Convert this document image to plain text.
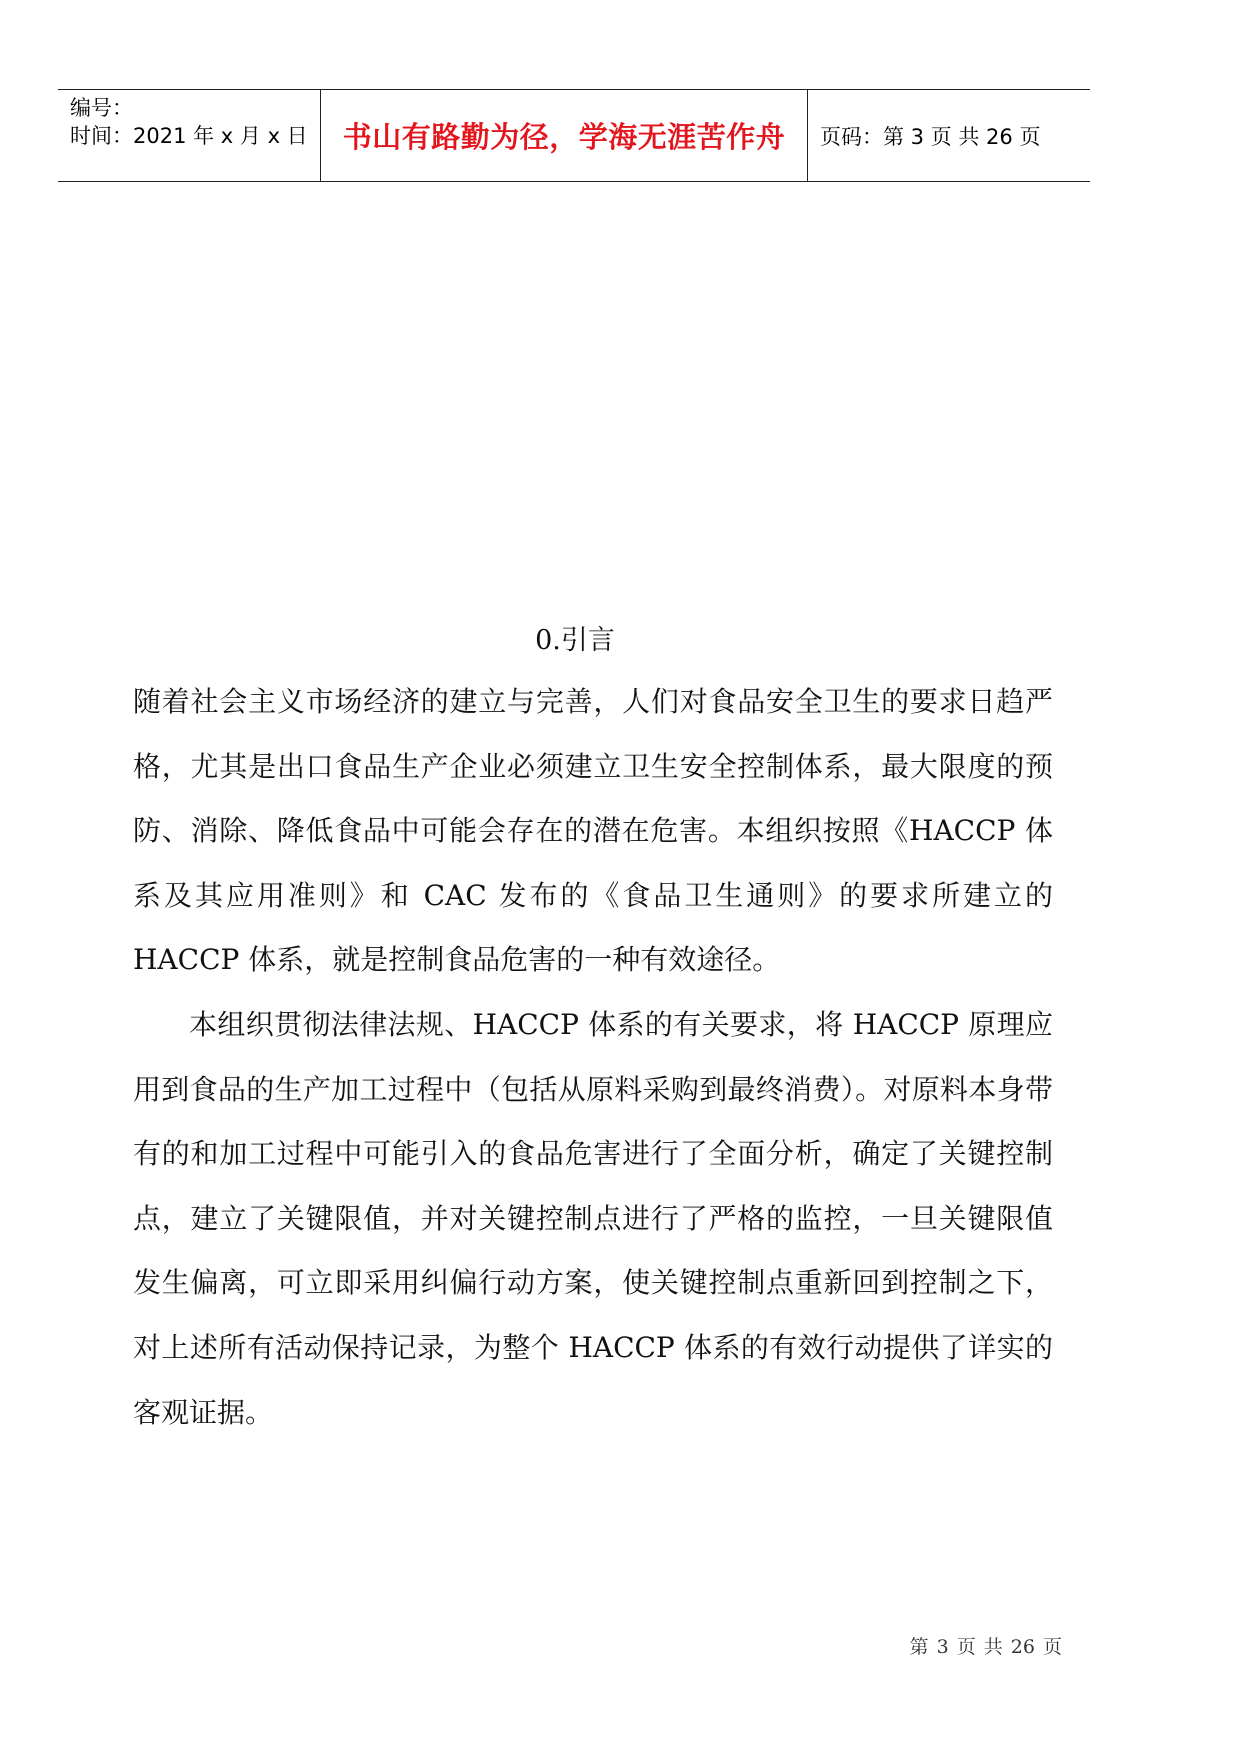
编号：
时间：2021 年 x 月 x 日 书山有路勤为径，学海无涯苦作舟 页码：第 3 页 共 26 页
0.引言

随着社会主义市场经济的建立与完善，人们对食品安全卫生的要求日趋严格，尤其是出口食品生产企业必须建立卫生安全控制体系，最大限度的预防、消除、降低食品中可能会存在的潜在危害。本组织按照《HACCP 体系及其应用准则》和 CAC 发布的《食品卫生通则》的要求所建立的 HACCP 体系，就是控制食品危害的一种有效途径。

本组织贯彻法律法规、HACCP 体系的有关要求，将 HACCP 原理应用到食品的生产加工过程中（包括从原料采购到最终消费）。对原料本身带有的和加工过程中可能引入的食品危害进行了全面分析，确定了关键控制点，建立了关键限值，并对关键控制点进行了严格的监控，一旦关键限值发生偏离，可立即采用纠偏行动方案，使关键控制点重新回到控制之下，对上述所有活动保持记录，为整个 HACCP 体系的有效行动提供了详实的客观证据。

第 3 页 共 26 页
